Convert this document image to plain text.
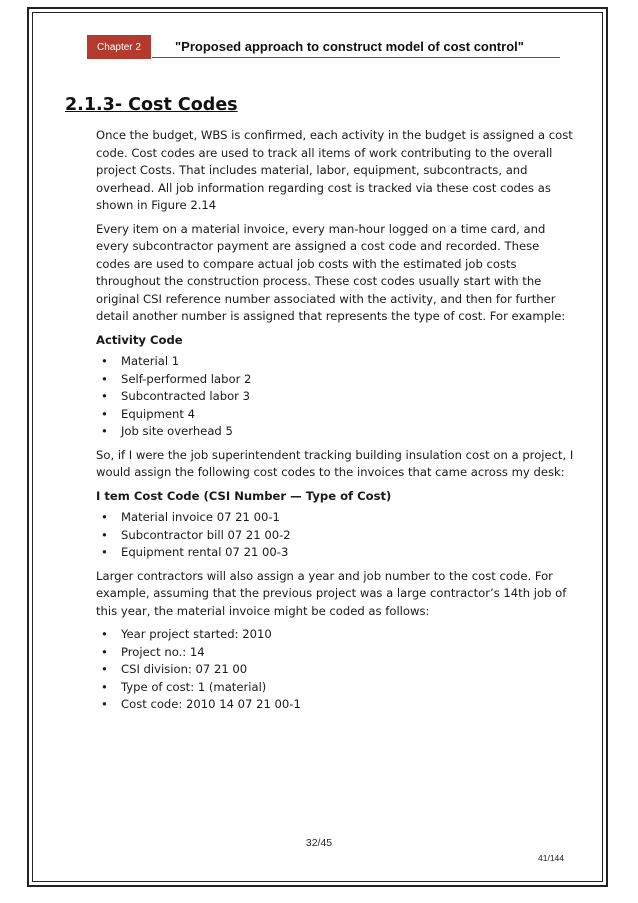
Chapter 2	"Proposed approach to construct model of cost control"
2.1.3- Cost Codes

Once the budget, WBS is confirmed, each activity in the budget is assigned a cost code. Cost codes are used to track all items of work contributing to the overall project Costs. That includes material, labor, equipment, subcontracts, and overhead. All job information regarding cost is tracked via these cost codes as shown in Figure 2.14

Every item on a material invoice, every man-hour logged on a time card, and every subcontractor payment are assigned a cost code and recorded. These codes are used to compare actual job costs with the estimated job costs throughout the construction process. These cost codes usually start with the original CSI reference number associated with the activity, and then for further detail another number is assigned that represents the type of cost. For example:

Activity Code
• Material 1
• Self-performed labor 2
• Subcontracted labor 3
• Equipment 4
• Job site overhead 5

So, if I were the job superintendent tracking building insulation cost on a project, I would assign the following cost codes to the invoices that came across my desk:

I tem Cost Code (CSI Number — Type of Cost)
• Material invoice 07 21 00-1
• Subcontractor bill 07 21 00-2
• Equipment rental 07 21 00-3

Larger contractors will also assign a year and job number to the cost code. For example, assuming that the previous project was a large contractor’s 14th job of this year, the material invoice might be coded as follows:

• Year project started: 2010
• Project no.: 14
• CSI division: 07 21 00
• Type of cost: 1 (material)
• Cost code: 2010 14 07 21 00-1
32/45
41/144
